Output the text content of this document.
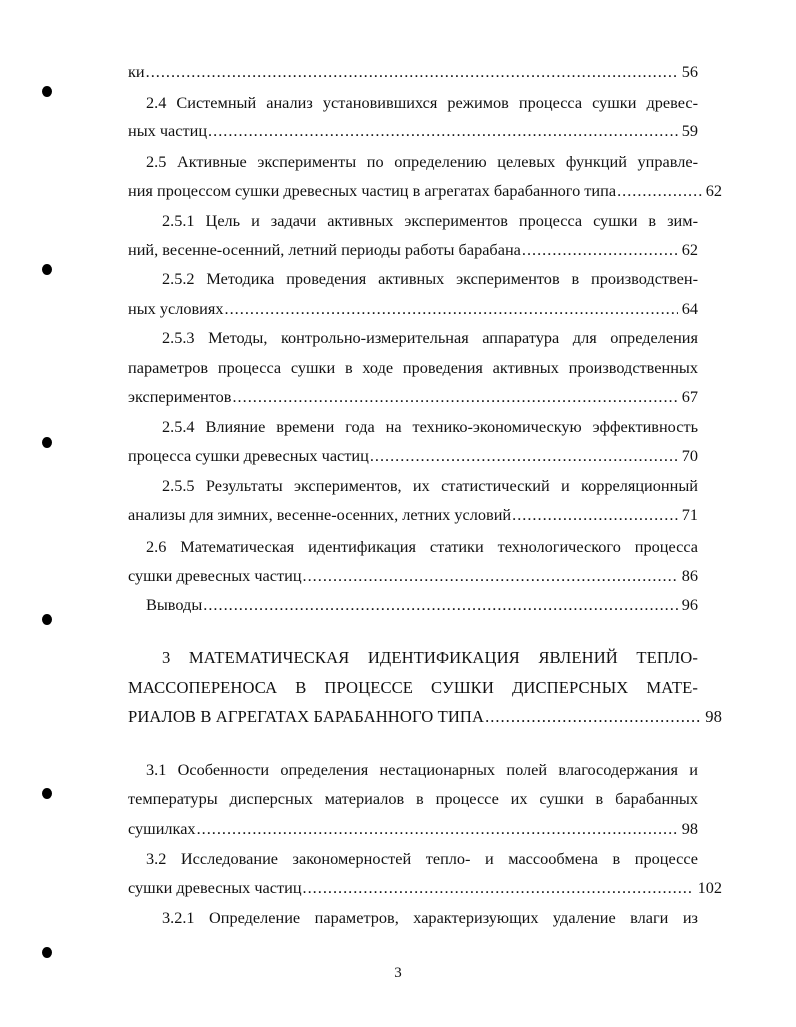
ки .....	56
2.4 Системный анализ установившихся режимов процесса сушки древес-
ных частиц .....	59
2.5 Активные эксперименты по определению целевых функций управле-
ния процессом сушки древесных частиц в агрегатах барабанного типа .....	62
2.5.1 Цель и задачи активных экспериментов процесса сушки в зим-
ний, весенне-осенний, летний периоды работы барабана .....	62
2.5.2 Методика проведения активных экспериментов в производствен-
ных условиях .....	64
2.5.3 Методы, контрольно-измерительная аппаратура для определения
параметров процесса сушки в ходе проведения активных производственных
экспериментов .....	67
2.5.4 Влияние времени года на технико-экономическую эффективность
процесса сушки древесных частиц .....	70
2.5.5 Результаты экспериментов, их статистический и корреляционный
анализы для зимних, весенне-осенних, летних условий .....	71
2.6 Математическая идентификация статики технологического процесса
сушки древесных частиц .....	86
Выводы .....	96
3 МАТЕМАТИЧЕСКАЯ ИДЕНТИФИКАЦИЯ ЯВЛЕНИЙ ТЕПЛО-
МАССОПЕРЕНОСА В ПРОЦЕССЕ СУШКИ ДИСПЕРСНЫХ МАТЕ-
РИАЛОВ В АГРЕГАТАХ БАРАБАННОГО ТИПА .....	98
3.1 Особенности определения нестационарных полей влагосодержания и
температуры дисперсных материалов в процессе их сушки в барабанных
сушилках .....	98
3.2 Исследование закономерностей тепло- и массообмена в процессе
сушки древесных частиц .....	102
3.2.1 Определение параметров, характеризующих удаление влаги из
3
